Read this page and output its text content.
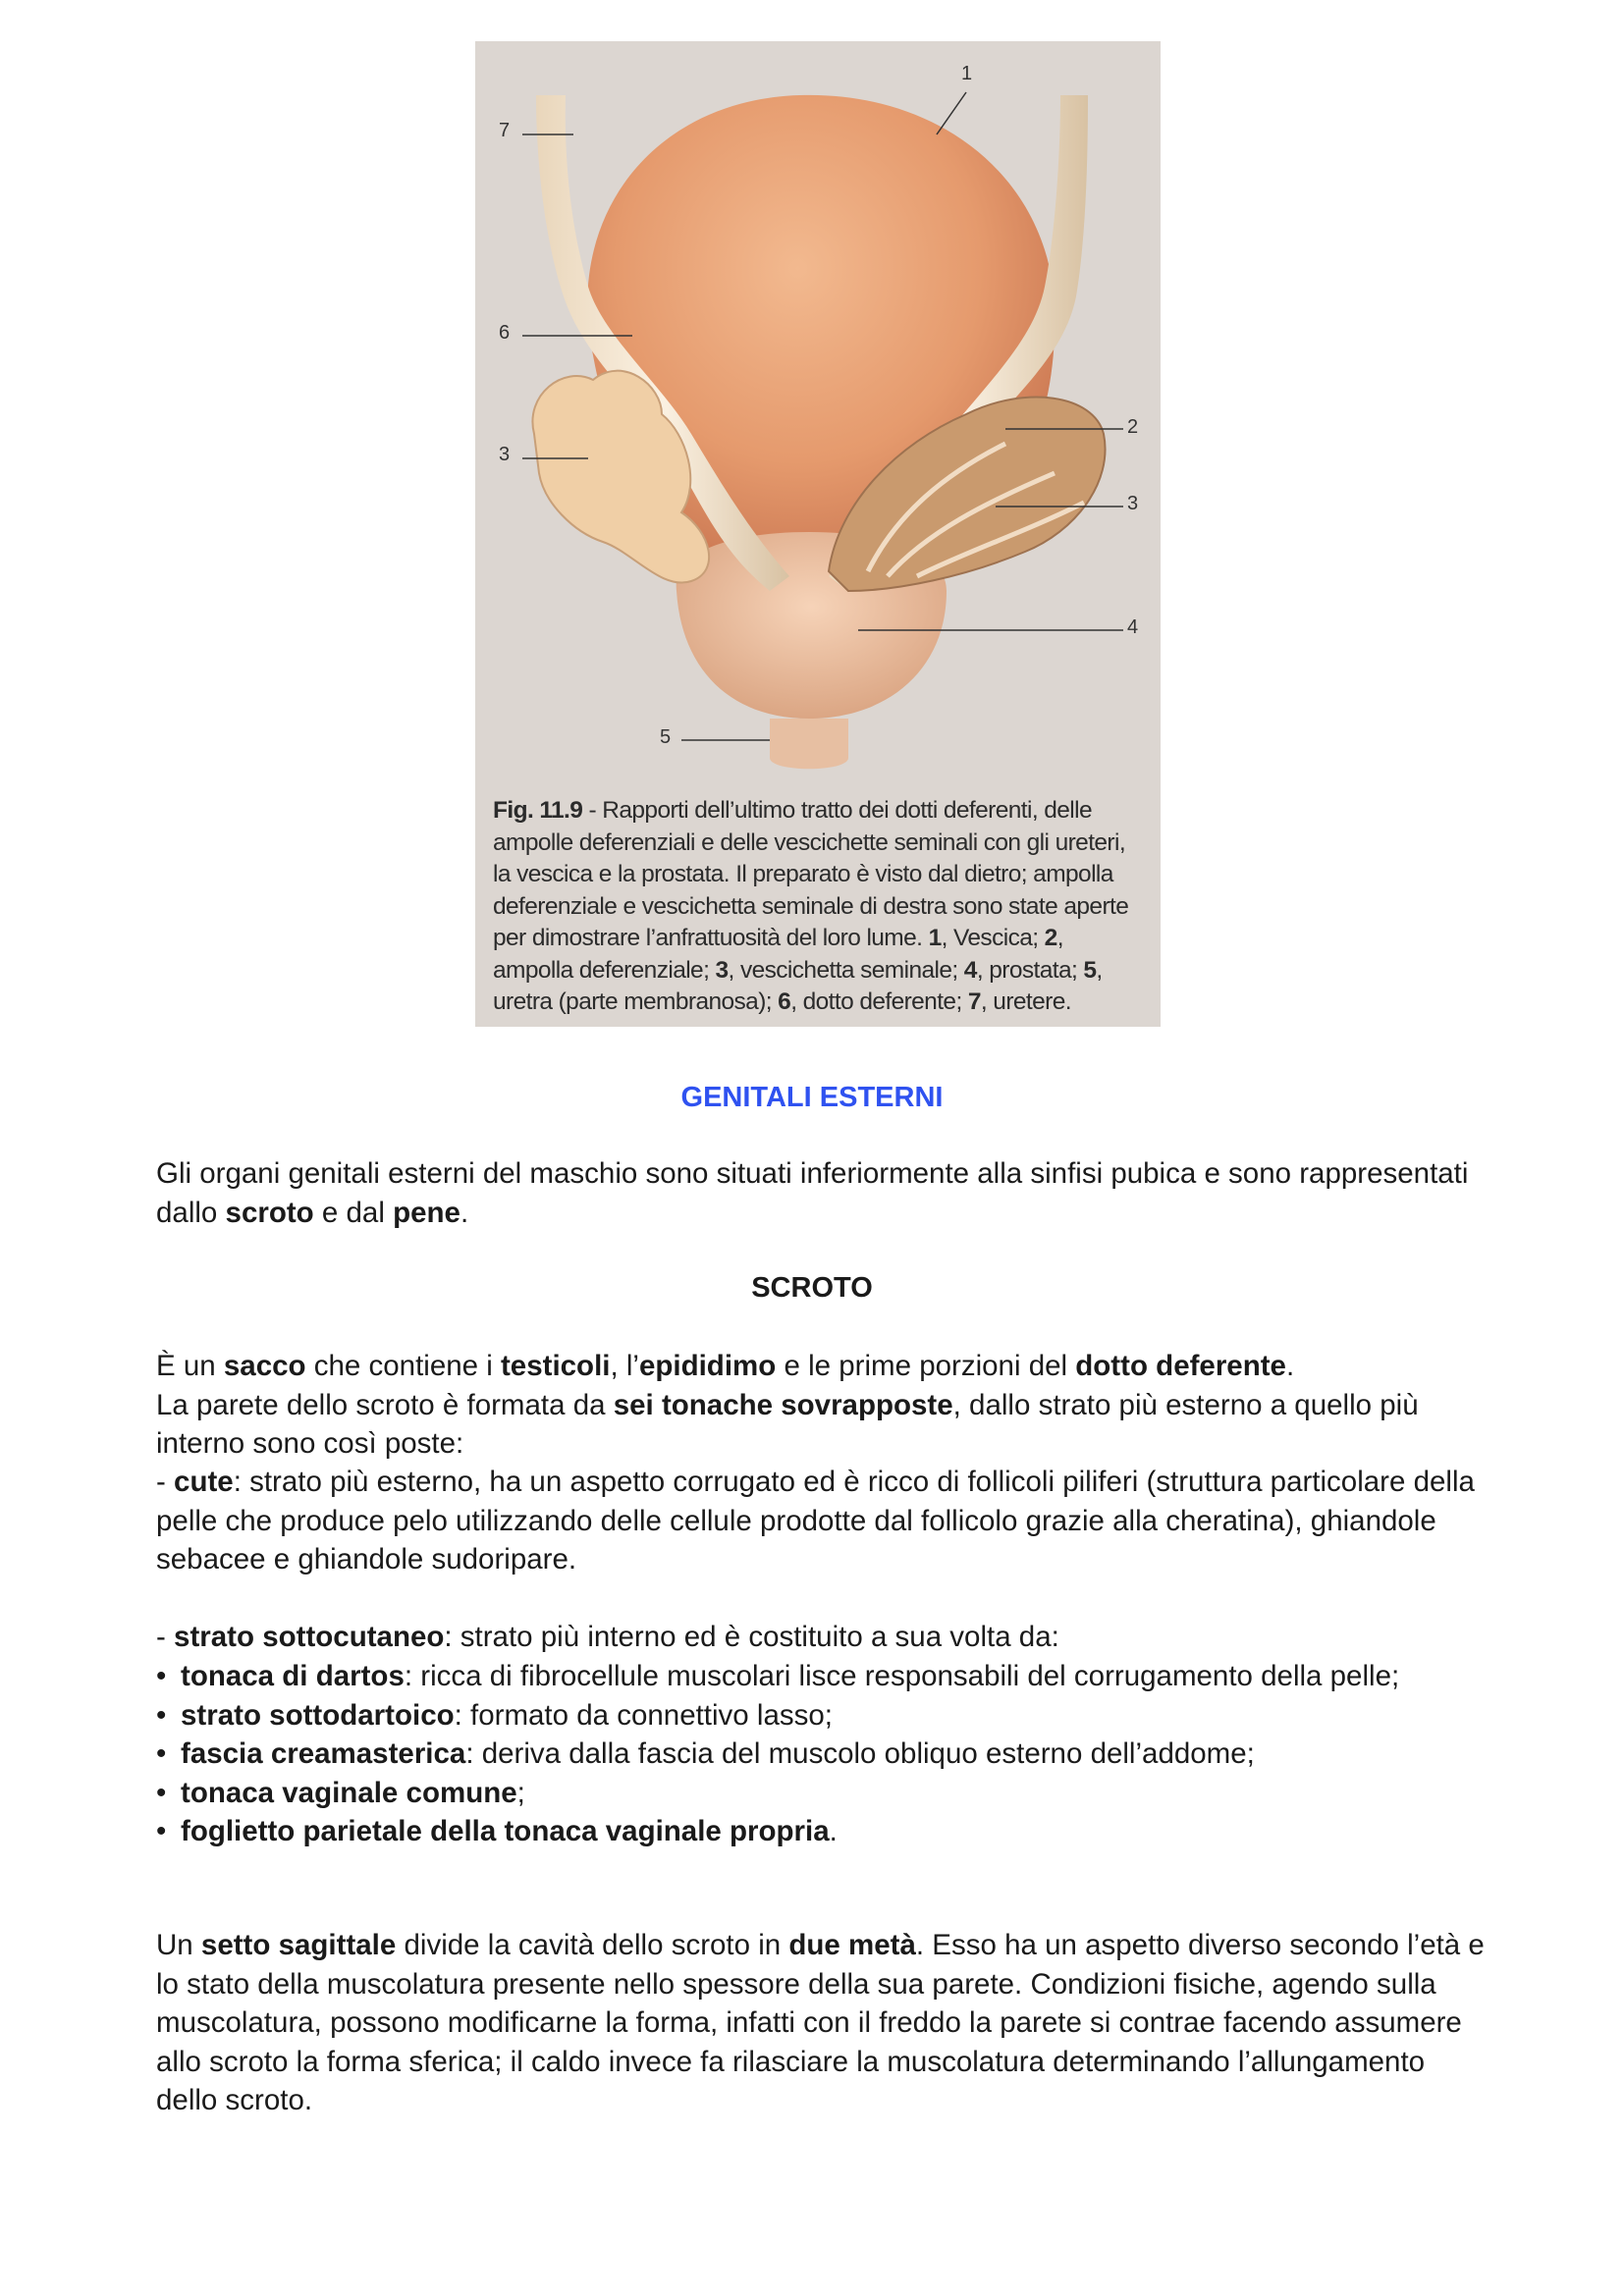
7
6
3
5
1
2
3
4
Fig. 11.9 - Rapporti dell’ultimo tratto dei dotti deferenti, delle ampolle deferenziali e delle vescichette seminali con gli ureteri, la vescica e la prostata. Il preparato è visto dal dietro; ampolla deferenziale e vescichetta seminale di destra sono state aperte per dimostrare l’anfrattuosità del loro lume. 1, Vescica; 2, ampolla deferenziale; 3, vescichetta seminale; 4, prostata; 5, uretra (parte membranosa); 6, dotto deferente; 7, uretere.
GENITALI ESTERNI
Gli organi genitali esterni del maschio sono situati inferiormente alla sinfisi pubica e sono rappresentati dallo scroto e dal pene.
SCROTO
È un sacco che contiene i testicoli, l’epididimo e le prime porzioni del dotto deferente.
La parete dello scroto è formata da sei tonache sovrapposte, dallo strato più esterno a quello più interno sono così poste:
- cute: strato più esterno, ha un aspetto corrugato ed è ricco di follicoli piliferi (struttura particolare della pelle che produce pelo utilizzando delle cellule prodotte dal follicolo grazie alla cheratina), ghiandole sebacee e ghiandole sudoripare.
- strato sottocutaneo: strato più interno ed è costituito a sua volta da:
• tonaca di dartos: ricca di fibrocellule muscolari lisce responsabili del corrugamento della pelle;
• strato sottodartoico: formato da connettivo lasso;
• fascia creamasterica: deriva dalla fascia del muscolo obliquo esterno dell’addome;
• tonaca vaginale comune;
• foglietto parietale della tonaca vaginale propria.
Un setto sagittale divide la cavità dello scroto in due metà. Esso ha un aspetto diverso secondo l’età e lo stato della muscolatura presente nello spessore della sua parete. Condizioni fisiche, agendo sulla muscolatura, possono modificarne la forma, infatti con il freddo la parete si contrae facendo assumere allo scroto la forma sferica; il caldo invece fa rilasciare la muscolatura determinando l’allungamento dello scroto.
